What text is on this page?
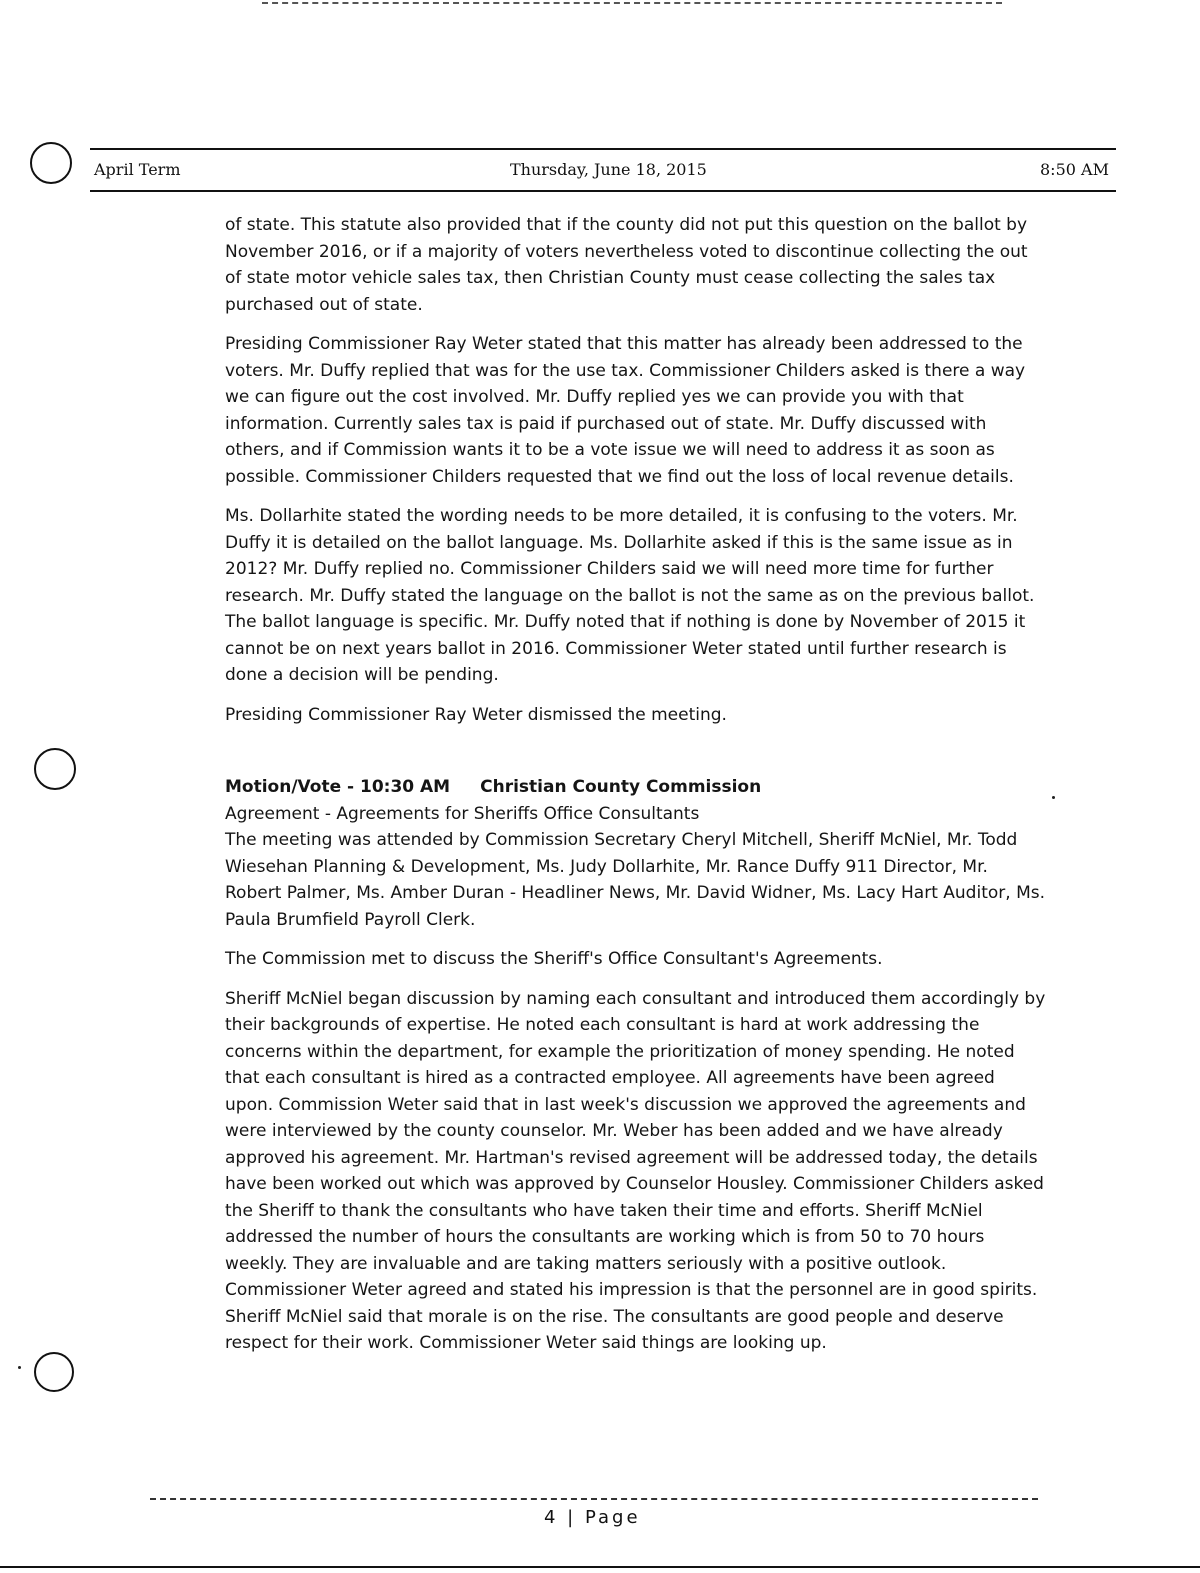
April Term	Thursday, June 18, 2015	8:50 AM

of state. This statute also provided that if the county did not put this question on the ballot by November 2016, or if a majority of voters nevertheless voted to discontinue collecting the out of state motor vehicle sales tax, then Christian County must cease collecting the sales tax purchased out of state.

Presiding Commissioner Ray Weter stated that this matter has already been addressed to the voters. Mr. Duffy replied that was for the use tax. Commissioner Childers asked is there a way we can figure out the cost involved. Mr. Duffy replied yes we can provide you with that information. Currently sales tax is paid if purchased out of state. Mr. Duffy discussed with others, and if Commission wants it to be a vote issue we will need to address it as soon as possible. Commissioner Childers requested that we find out the loss of local revenue details.

Ms. Dollarhite stated the wording needs to be more detailed, it is confusing to the voters. Mr. Duffy it is detailed on the ballot language. Ms. Dollarhite asked if this is the same issue as in 2012? Mr. Duffy replied no. Commissioner Childers said we will need more time for further research. Mr. Duffy stated the language on the ballot is not the same as on the previous ballot. The ballot language is specific. Mr. Duffy noted that if nothing is done by November of 2015 it cannot be on next years ballot in 2016. Commissioner Weter stated until further research is done a decision will be pending.

Presiding Commissioner Ray Weter dismissed the meeting.

Motion/Vote - 10:30 AM Christian County Commission
Agreement - Agreements for Sheriffs Office Consultants

The meeting was attended by Commission Secretary Cheryl Mitchell, Sheriff McNiel, Mr. Todd Wiesehan Planning & Development, Ms. Judy Dollarhite, Mr. Rance Duffy 911 Director, Mr. Robert Palmer, Ms. Amber Duran - Headliner News, Mr. David Widner, Ms. Lacy Hart Auditor, Ms. Paula Brumfield Payroll Clerk.

The Commission met to discuss the Sheriff's Office Consultant's Agreements.

Sheriff McNiel began discussion by naming each consultant and introduced them accordingly by their backgrounds of expertise. He noted each consultant is hard at work addressing the concerns within the department, for example the prioritization of money spending. He noted that each consultant is hired as a contracted employee. All agreements have been agreed upon. Commission Weter said that in last week's discussion we approved the agreements and were interviewed by the county counselor. Mr. Weber has been added and we have already approved his agreement. Mr. Hartman's revised agreement will be addressed today, the details have been worked out which was approved by Counselor Housley. Commissioner Childers asked the Sheriff to thank the consultants who have taken their time and efforts. Sheriff McNiel addressed the number of hours the consultants are working which is from 50 to 70 hours weekly. They are invaluable and are taking matters seriously with a positive outlook. Commissioner Weter agreed and stated his impression is that the personnel are in good spirits. Sheriff McNiel said that morale is on the rise. The consultants are good people and deserve respect for their work. Commissioner Weter said things are looking up.

4 | Page
